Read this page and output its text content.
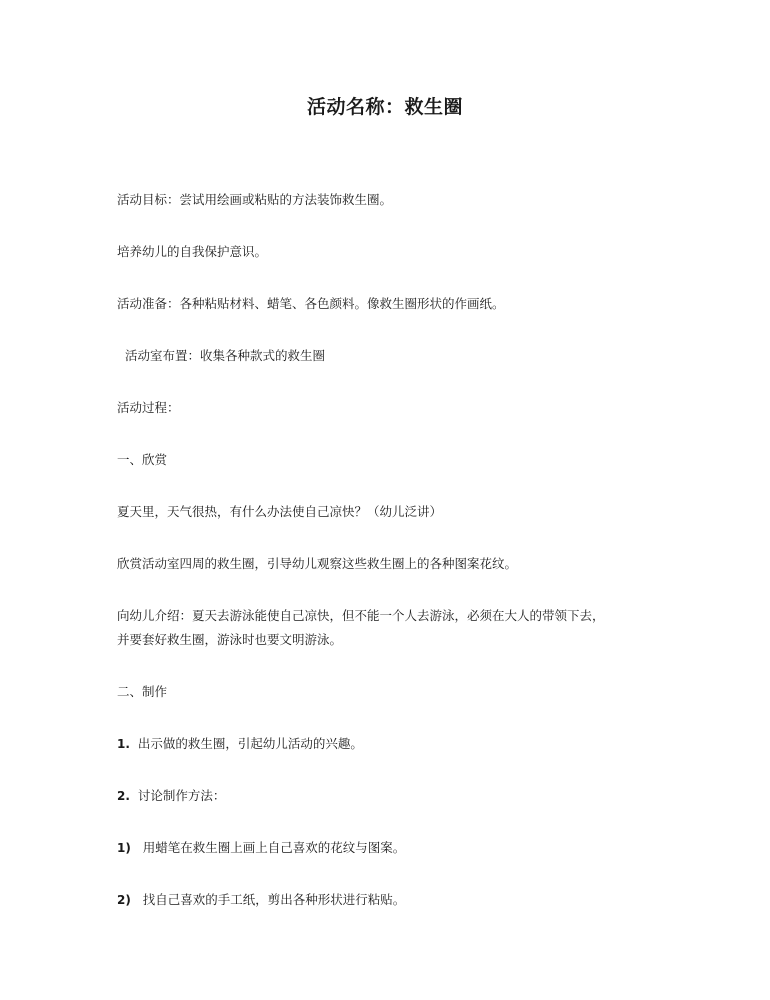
活动名称：救生圈
活动目标：尝试用绘画或粘贴的方法装饰救生圈。
培养幼儿的自我保护意识。
活动准备：各种粘贴材料、蜡笔、各色颜料。像救生圈形状的作画纸。
活动室布置：收集各种款式的救生圈
活动过程：
一、欣赏
夏天里，天气很热，有什么办法使自己凉快？（幼儿泛讲）
欣赏活动室四周的救生圈，引导幼儿观察这些救生圈上的各种图案花纹。
向幼儿介绍：夏天去游泳能使自己凉快，但不能一个人去游泳，必须在大人的带领下去，
并要套好救生圈，游泳时也要文明游泳。
二、制作
1. 出示做的救生圈，引起幼儿活动的兴趣。
2. 讨论制作方法：
1) 用蜡笔在救生圈上画上自己喜欢的花纹与图案。
2) 找自己喜欢的手工纸，剪出各种形状进行粘贴。
